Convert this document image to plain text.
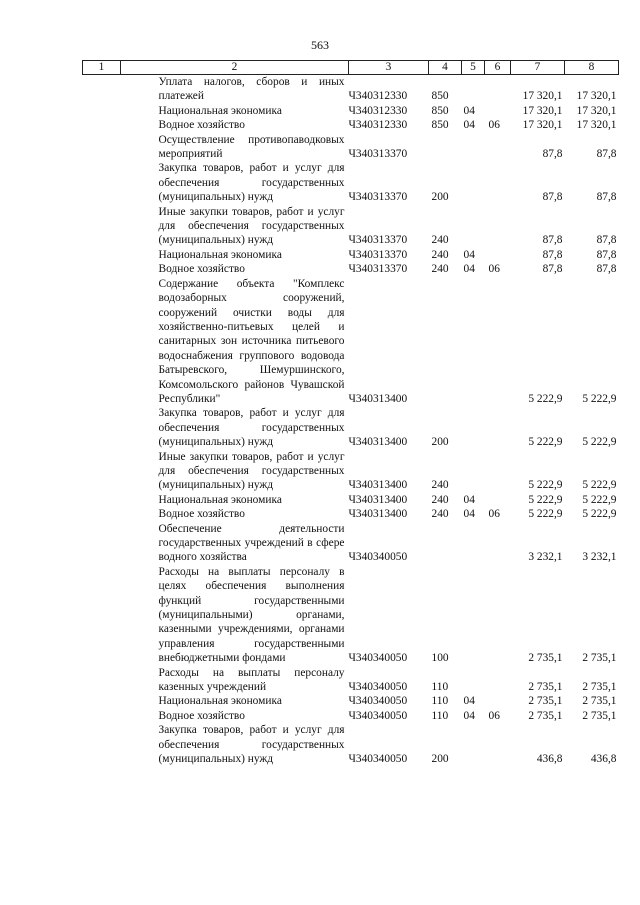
563
1	2	3	4	5	6	7	8
	Уплата налогов, сборов и иных платежей	Ч340312330	850			17 320,1	17 320,1
	Национальная экономика	Ч340312330	850	04		17 320,1	17 320,1
	Водное хозяйство	Ч340312330	850	04	06	17 320,1	17 320,1
	Осуществление противопаводковых мероприятий	Ч340313370				87,8	87,8
	Закупка товаров, работ и услуг для обеспечения государственных (муниципальных) нужд	Ч340313370	200			87,8	87,8
	Иные закупки товаров, работ и услуг для обеспечения государственных (муниципальных) нужд	Ч340313370	240			87,8	87,8
	Национальная экономика	Ч340313370	240	04		87,8	87,8
	Водное хозяйство	Ч340313370	240	04	06	87,8	87,8
	Содержание объекта "Комплекс водозаборных сооружений, сооружений очистки воды для хозяйственно-питьевых целей и санитарных зон источника питьевого водоснабжения группового водовода Батыревского, Шемуршинского, Комсомольского районов Чувашской Республики"	Ч340313400				5 222,9	5 222,9
	Закупка товаров, работ и услуг для обеспечения государственных (муниципальных) нужд	Ч340313400	200			5 222,9	5 222,9
	Иные закупки товаров, работ и услуг для обеспечения государственных (муниципальных) нужд	Ч340313400	240			5 222,9	5 222,9
	Национальная экономика	Ч340313400	240	04		5 222,9	5 222,9
	Водное хозяйство	Ч340313400	240	04	06	5 222,9	5 222,9
	Обеспечение деятельности государственных учреждений в сфере водного хозяйства	Ч340340050				3 232,1	3 232,1
	Расходы на выплаты персоналу в целях обеспечения выполнения функций государственными (муниципальными) органами, казенными учреждениями, органами управления государственными внебюджетными фондами	Ч340340050	100			2 735,1	2 735,1
	Расходы на выплаты персоналу казенных учреждений	Ч340340050	110			2 735,1	2 735,1
	Национальная экономика	Ч340340050	110	04		2 735,1	2 735,1
	Водное хозяйство	Ч340340050	110	04	06	2 735,1	2 735,1
	Закупка товаров, работ и услуг для обеспечения государственных (муниципальных) нужд	Ч340340050	200			436,8	436,8
